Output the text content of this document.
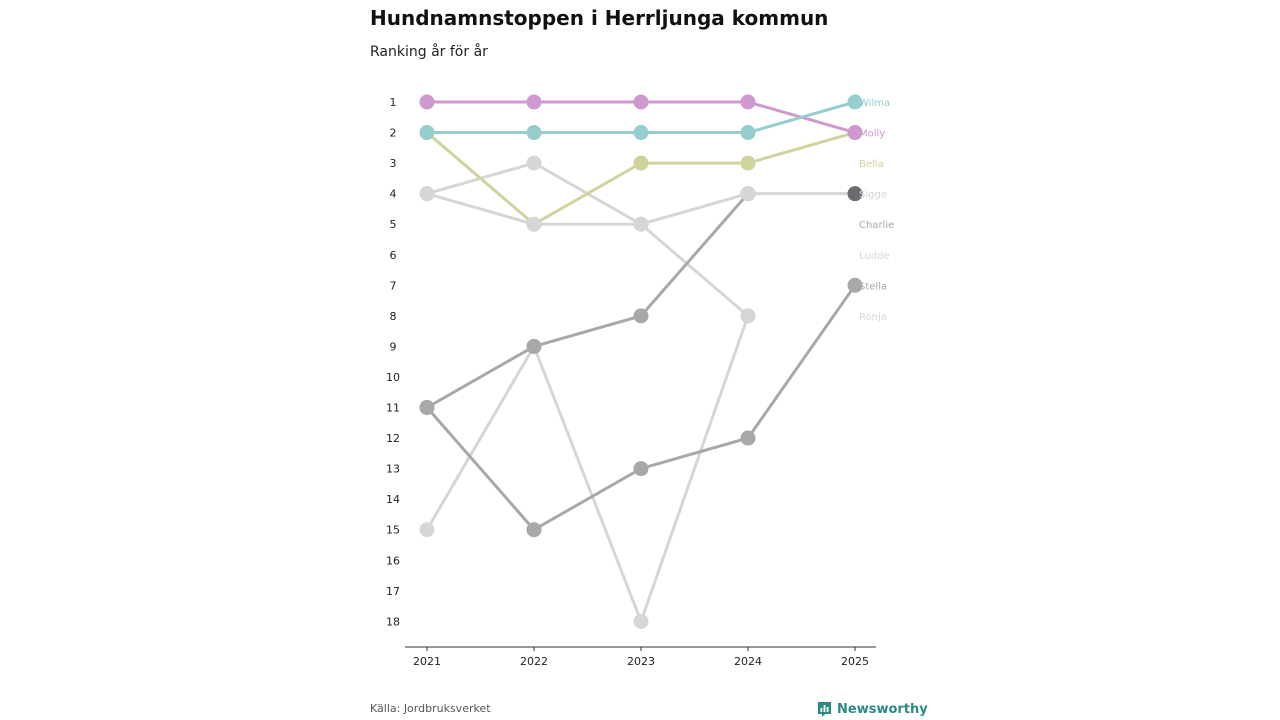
Hundnamnstoppen i Herrljunga kommun

Ranking år för år

1
2
3
4
5
6
7
8
9
10
11
12
13
14
15
16
17
18
2021	2022	2023	2024	2025
Wilma
Molly
Bella
Sigge
Charlie
Ludde
Stella
Ronja
Källa: Jordbruksverket	Newsworthy
